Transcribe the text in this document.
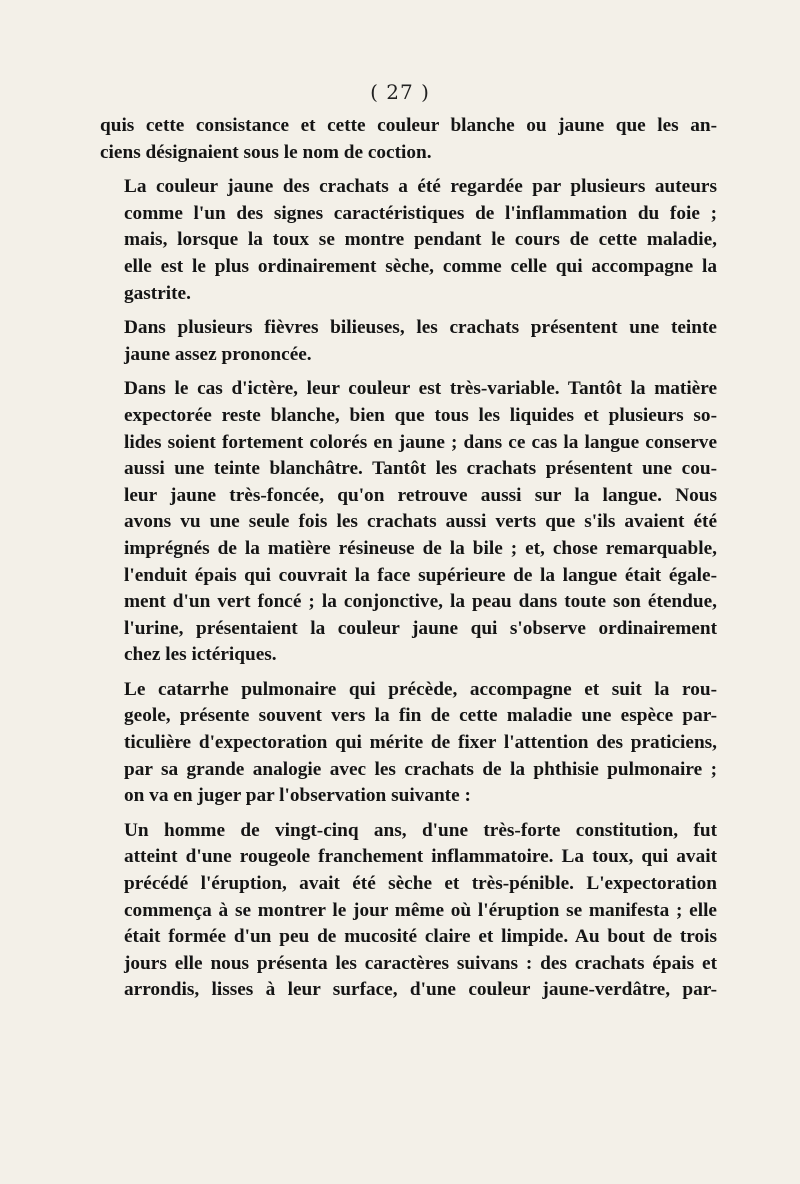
( 27 )

quis cette consistance et cette couleur blanche ou jaune que les an-
ciens désignaient sous le nom de coction.

La couleur jaune des crachats a été regardée par plusieurs auteurs
comme l'un des signes caractéristiques de l'inflammation du foie ;
mais, lorsque la toux se montre pendant le cours de cette maladie,
elle est le plus ordinairement sèche, comme celle qui accompagne la
gastrite.

Dans plusieurs fièvres bilieuses, les crachats présentent une teinte
jaune assez prononcée.

Dans le cas d'ictère, leur couleur est très-variable. Tantôt la matière
expectorée reste blanche, bien que tous les liquides et plusieurs so-
lides soient fortement colorés en jaune ; dans ce cas la langue conserve
aussi une teinte blanchâtre. Tantôt les crachats présentent une cou-
leur jaune très-foncée, qu'on retrouve aussi sur la langue. Nous
avons vu une seule fois les crachats aussi verts que s'ils avaient été
imprégnés de la matière résineuse de la bile ; et, chose remarquable,
l'enduit épais qui couvrait la face supérieure de la langue était égale-
ment d'un vert foncé ; la conjonctive, la peau dans toute son étendue,
l'urine, présentaient la couleur jaune qui s'observe ordinairement
chez les ictériques.

Le catarrhe pulmonaire qui précède, accompagne et suit la rou-
geole, présente souvent vers la fin de cette maladie une espèce par-
ticulière d'expectoration qui mérite de fixer l'attention des praticiens,
par sa grande analogie avec les crachats de la phthisie pulmonaire ;
on va en juger par l'observation suivante :

Un homme de vingt-cinq ans, d'une très-forte constitution, fut
atteint d'une rougeole franchement inflammatoire. La toux, qui avait
précédé l'éruption, avait été sèche et très-pénible. L'expectoration
commença à se montrer le jour même où l'éruption se manifesta ; elle
était formée d'un peu de mucosité claire et limpide. Au bout de trois
jours elle nous présenta les caractères suivans : des crachats épais et
arrondis, lisses à leur surface, d'une couleur jaune-verdâtre, par-
